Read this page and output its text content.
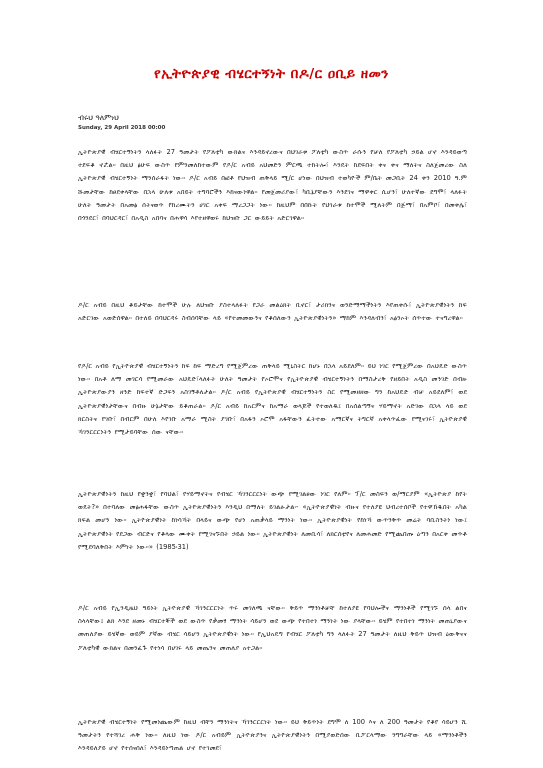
የኢትዮጵያዊ ብሄርተኝነት በዶ/ር ዐቢይ ዘመን
ብሩህ ዓለምነህ
Sunday, 29 April 2018 00:00
ኢትዮጵያዊ ብሄርተኝነትን ላለፉት 27 ዓመታት የፖለቲካ ውክልና እንዳይኖረውና በህገራቱ ፖለቲካ ውስጥ ራሱን የቻለ የፖለቲካ ኃይል ሆኖ እንዳይወጣ ተደፍቆ ኖሯል። በዚህ ፅሁፍ ውስጥ የምንመለከተውም የዶ/ር አብይ አህመድን ምርጫ ተከትሎ፣ እንዴት ከደፍበት ቀና ቀና ማለትና ስለጀመረው ስለ ኢትዮጵያዊ ብሄርተኝነት ማንሰራፋት ነው። ዶ/ር አብይ በፎቶ የህዝብ ጠቅላይ ሚ/ር ሆነው በህዝብ ተወካዮች ም/ቤት መጋቢት 24 ቀን 2010 ዓ.ም ሹመታቸው ከፀደቀላቸው በኋላ ሁለቱ አበይት ተግባሮችን እከናውነዋል። የመጀመሪያው፣ ካቢኔያቸውን እንደገና ማዋቀር ሲሆን፣ ሁለተኛው ደግሞ፣ ላለፉት ሁለት ዓመታት በአመፅ ሰትናወጥ የከረሙትን ሀገር አቀፍ ማረጋጋት ነው። ከዚህም በበኩት የህገራቱ ከተሞች ሚለትም በጅማ፣ በአምቦ፣ በመቀሌ፣ በጎንደር፣ በባህርዳር፣ በአዲስ አበባና በሐዋሳ እየተዘዋወሩ ከህዝቡ ጋር ውይይት አድርገዋል።
ዶ/ር አብይ በዚህ ቆይታቸው ከተሞች ሁሉ ለህዝቡ ያስተላለፉት የጋራ መልዕክት ቢኖር፣ ታሪክንና ወንድማማችነትን እየጠቀሱ፣ ኢትዮጵያዊነትን ከፍ አድርገው አወድሰዋል። በተለይ በባህርዳሩ ስብሰባቸው ላይ «የተመመውንና የቆሰለውን ኢትዮጵያዊነትን» ማከም እንዳለብን፣ አፅንኦት ሰጥተው ተናግረዋል።
የዶ/ር አብይ የኢትዮጵያዊ ብሄርተኝነትን ከፍ ከፍ ማድረግ የሚጀምረው ጠቅላይ ሚኒስትር ከሆኑ በኋላ አይደለም። ይህ ነገር የሚጀምረው በአህዴድ ውስጥ ነው። በአቶ ለማ መገርሳ የሚመራው አህዴድ፣ላለፉት ሁለት ዓመታት የኦሮሞና የኢትዮጵያዊ ብሄርተኝነትን በማስታረቅ የዘይበት አዲስ መንገድ በብዙ ኢትዮጵያውያን ዘንድ ከፍተኛ ድጋፍን አስገኝቶለታል። ዶ/ር አብይ የኢትዮጵያዊ ብሄርተኝነትን ስር የሚመዘዘው ግን ከአህዴድ ብቻ አይደለም፣ ወደ ኢትዮጵያዊነታቸውና በብዙ ሁኔታቸው ይቆጠራል። ዶ/ር አብይ ከአርምና ከአማራ ወላጆች የተወለዱ፤ በአሰልጣኝና ሃይማኖት አድገው በኋላ ላይ ወደ ክርስትና የገቡ፣ በብርም በሁለ እየገቡ አማራ ሚስት ያገቡ፣ በአፋን ኦሮሞ አፋቸውን ፈትተው አማርኛና ትግርኛ አቀላጥፈው የሚናገሩ፣ ኢትዮጵያዊ ኻገንርርርነትን የሚታይባቸው ሰው ናቸው።
ኢትዮጵያዊነትን ከዚህ የቋንቋ፣ የባህል፣ የሃይማኖትና የብሄር ኻገንርርርነት ውጭ የሚገልፀው ነገር የለም። ፕ/ር መስፍን ወ/ማርያም «ኢትዮጵያ ከየት ወዴት?» በተባለው መፅሐፋቸው ውስጥ ኢትዮጵያዊነትን እንዲህ በማለት ይገልፁታል፡- «ኢትዮጵያዊነት ብዙና የተለያዩ ህብረተሰቦች የተዋኸዱበት አካል ክፍል መሆን ነው። ኢትዮጵያዊነት ከነሳኻት በላይና ውጭ የሆነ አጠቃላይ ማንነት ነው። ኢትዮጵያዊነት የከነኻ ውጥንቅጥ መሬት ባቢስንትነ ነው፤ ኢትዮጵያዊነት የደጋው ብርድና የቆላው ሙቀት የሚገናኙበት ኃይል ነው። ኢትዮጵያዊነት ለመቢሳ፣ ለክርሰቲየና ለመሐመድ የሚጨበጡ ዕጣን በአርቀ መጥቶ የሚደባለቅበት እምነት ነው።» (1985፡31)
ዶ/ር አብይ የኢንዲዜህ ዓይነት ኢትዮጵያዊ ኻገንርርርነት ጥሩ መገለጫ ናቸው። ቅይጥ ማንነቶቻቸ ከተለያዩ የባህሎችና ማንነቶች የሚገኙ ሰላ ልበና ስላላቸው፤ ልክ እንደ ዘመኑ ብሄርተኞች ወደ ውስጥ የቃመፃ ማንነት ሳይሆን ወደ ውጭ የተበተነ ማንነት ነው ያላቸው። ይሄም የተበተነ ማንነት መጠኒያውና መጠለያው ይሄኛው ወይም ያኛው ብሄር ሳይሆን ኢትዮጵያዊነት ነው። የኢህአዴግ የብሄር ፖለቲካ ግን ላለፉት 27 ዓመታት ለዚህ ቅይጥ ህዝብ ዕውቅናና ፖለቲካዊ ውክልና በመንፈጉ የተነሳ በሀገሩ ላይ መጤንና መጠለያ አተጋል።
ኢትዮጵያዊ ብሄርተኝነት የሚመነጨውም ከዚህ ብቸን ማንነትና ኻገንርርርነት ነው። ይህ ቅይጥነት ደግሞ ለ 100 እና ለ 200 ዓመታት የቆየ ሳይሆን ሺ ዓመታትን የተሻገረ ሐቅ ነው። ለዚህ ነው ዶ/ር አብይም ኢትዮጵያንና ኢትዮጵያዊነትን በሚያወድሰው ቢፖርላማው ንግግራቸው ላይ «ማንነቶችን እንዳይለያይ ሆኖ የተሰናሰለ፣ እንዳይነጣጠል ሆኖ የተገመደ፣
